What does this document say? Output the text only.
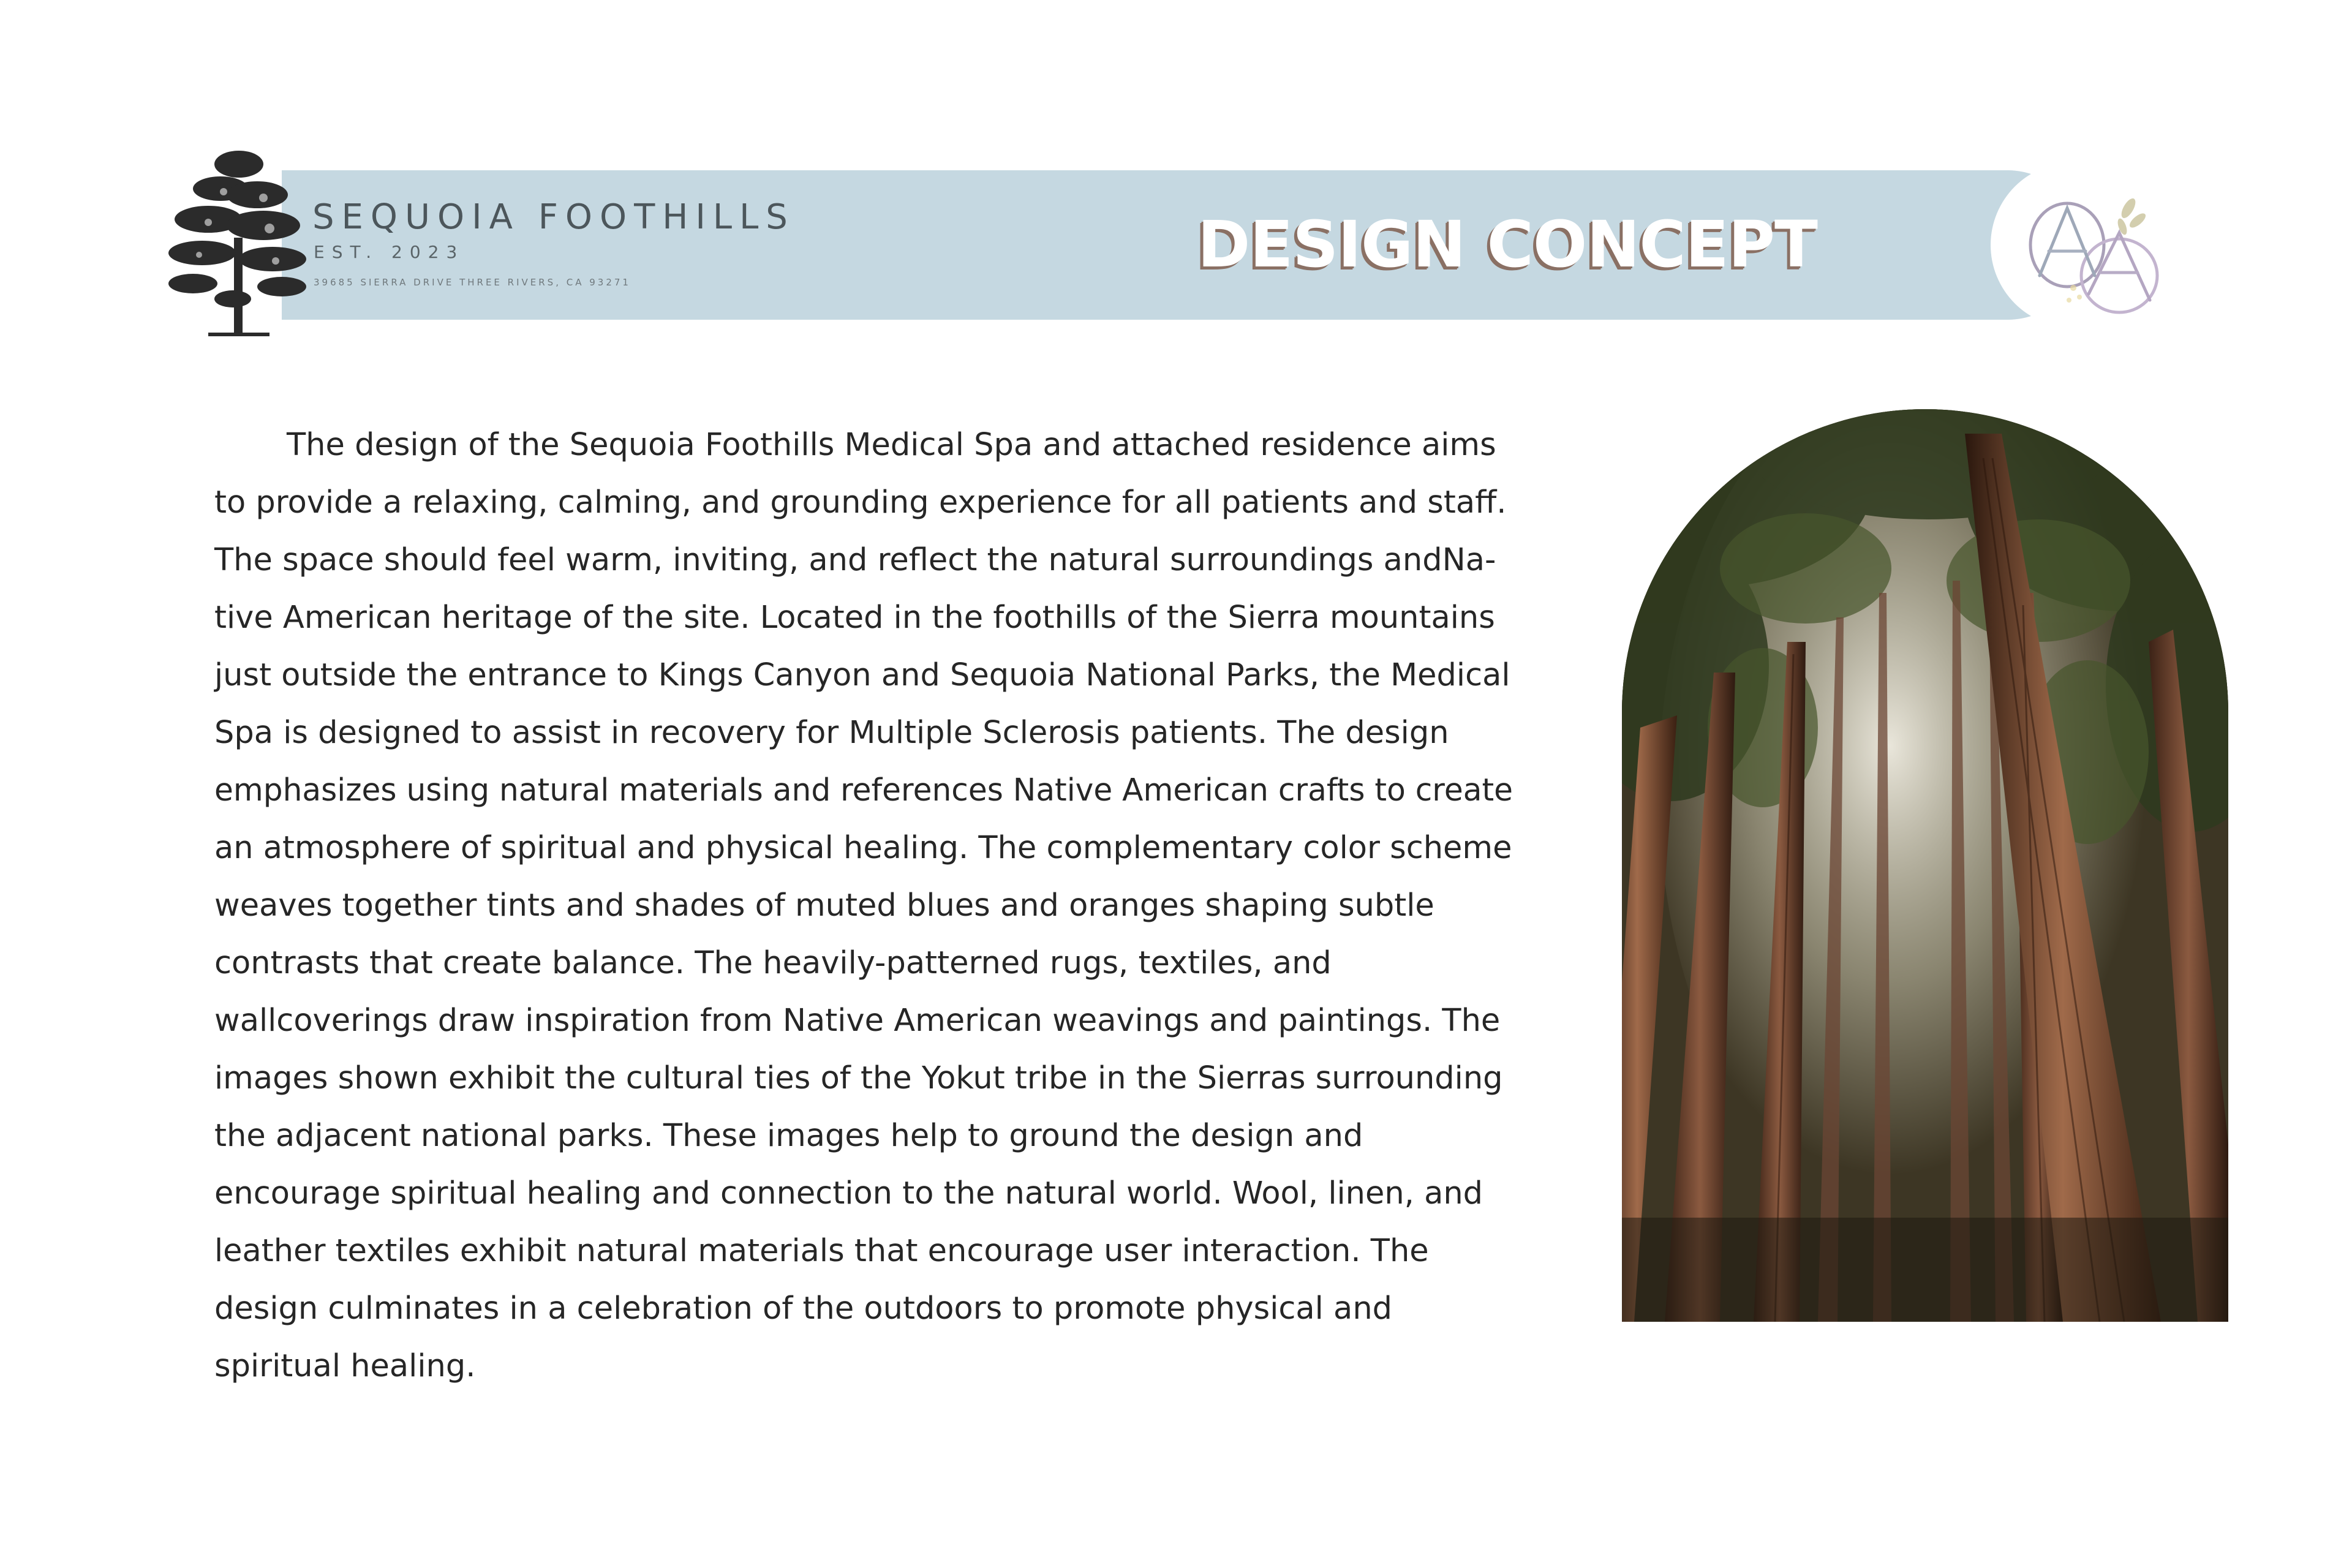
SEQUOIA FOOTHILLS
EST. 2023
39685 SIERRA DRIVE THREE RIVERS, CA 93271
DESIGN CONCEPT
The design of the Sequoia Foothills Medical Spa and attached residence aims
to provide a relaxing, calming, and grounding experience for all patients and staff.
The space should feel warm, inviting, and reflect the natural surroundings andNa-
tive American heritage of the site. Located in the foothills of the Sierra mountains
just outside the entrance to Kings Canyon and Sequoia National Parks, the Medical
Spa is designed to assist in recovery for Multiple Sclerosis patients. The design
emphasizes using natural materials and references Native American crafts to create
an atmosphere of spiritual and physical healing. The complementary color scheme
weaves together tints and shades of muted blues and oranges shaping subtle
contrasts that create balance. The heavily-patterned rugs, textiles, and
wallcoverings draw inspiration from Native American weavings and paintings. The
images shown exhibit the cultural ties of the Yokut tribe in the Sierras surrounding
the adjacent national parks. These images help to ground the design and
encourage spiritual healing and connection to the natural world. Wool, linen, and
leather textiles exhibit natural materials that encourage user interaction. The
design culminates in a celebration of the outdoors to promote physical and
spiritual healing.
